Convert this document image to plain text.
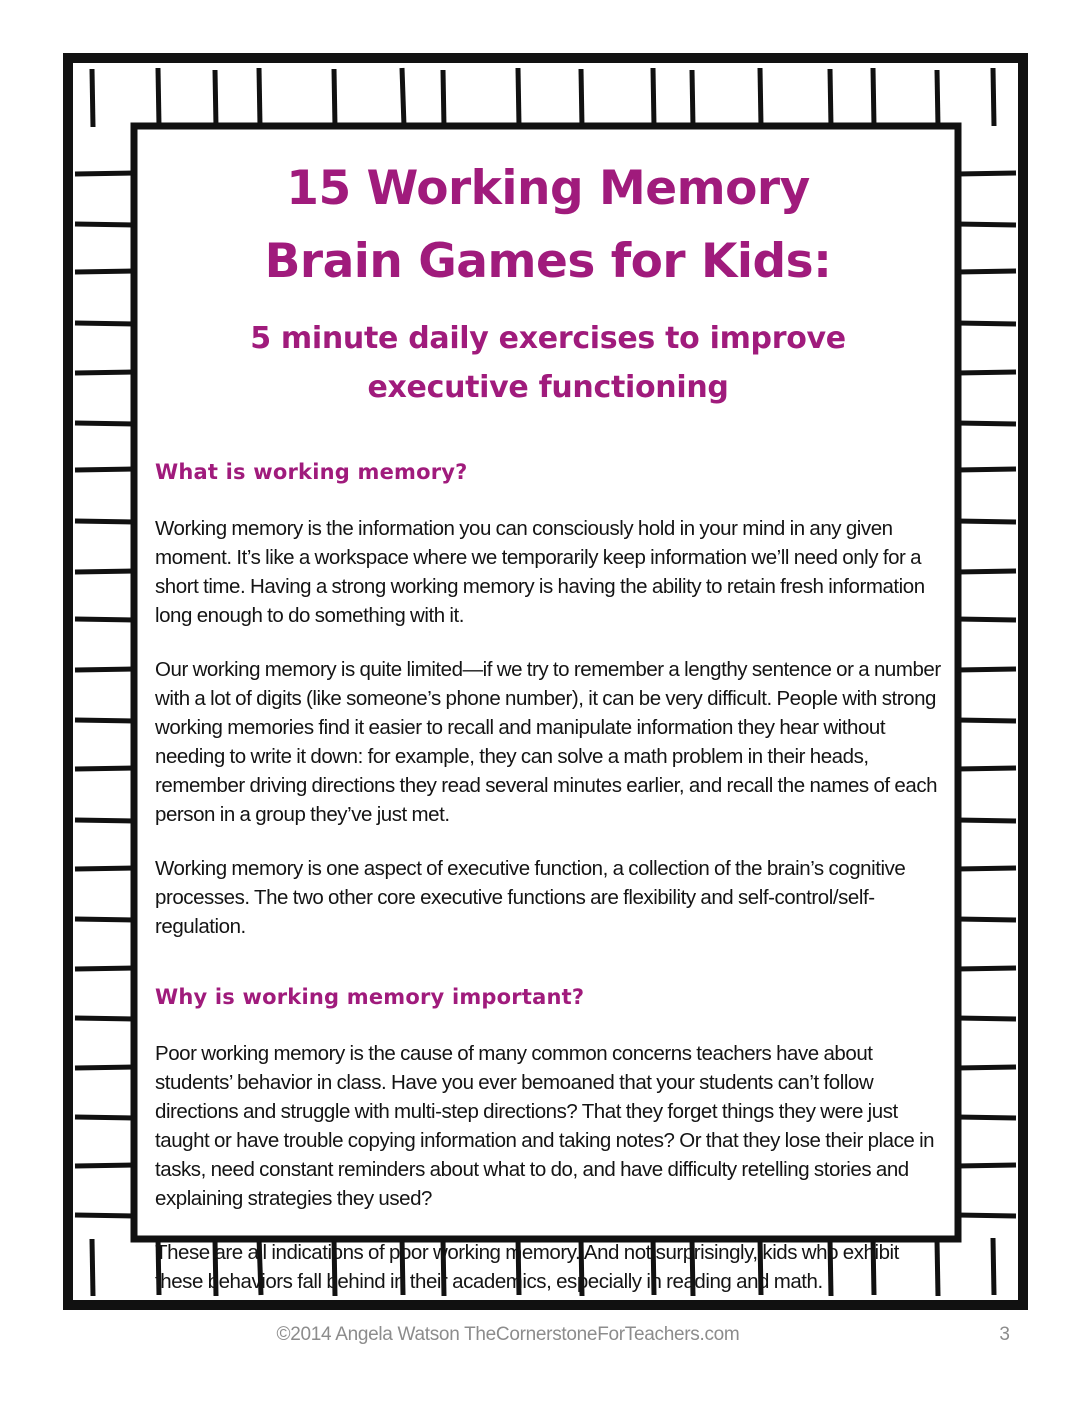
15 Working Memory
Brain Games for Kids:
5 minute daily exercises to improve
executive functioning
What is working memory?

Working memory is the information you can consciously hold in your mind in any given moment. It’s like a workspace where we temporarily keep information we’ll need only for a short time. Having a strong working memory is having the ability to retain fresh information long enough to do something with it.

Our working memory is quite limited—if we try to remember a lengthy sentence or a number with a lot of digits (like someone’s phone number), it can be very difficult. People with strong working memories find it easier to recall and manipulate information they hear without needing to write it down: for example, they can solve a math problem in their heads, remember driving directions they read several minutes earlier, and recall the names of each person in a group they’ve just met.

Working memory is one aspect of executive function, a collection of the brain’s cognitive processes. The two other core executive functions are flexibility and self-control/self-regulation.

Why is working memory important?

Poor working memory is the cause of many common concerns teachers have about students’ behavior in class. Have you ever bemoaned that your students can’t follow directions and struggle with multi-step directions? That they forget things they were just taught or have trouble copying information and taking notes? Or that they lose their place in tasks, need constant reminders about what to do, and have difficulty retelling stories and explaining strategies they used?

These are all indications of poor working memory. And not surprisingly, kids who exhibit these behaviors fall behind in their academics, especially in reading and math.

©2014 Angela Watson TheCornerstoneForTeachers.com	3
